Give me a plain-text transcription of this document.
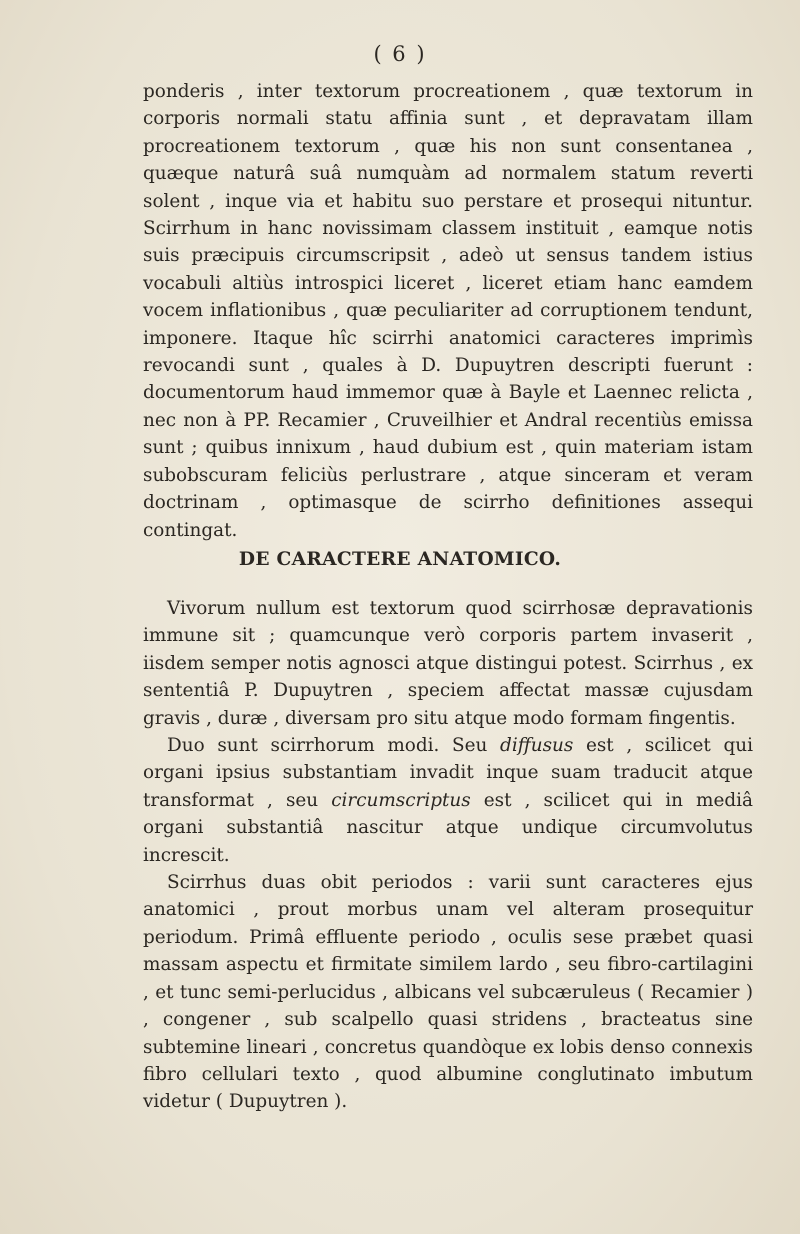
( 6 )

ponderis , inter textorum procreationem , quæ textorum in corporis normali statu affinia sunt , et depravatam illam procreationem textorum , quæ his non sunt consentanea , quæque naturâ suâ numquàm ad normalem statum reverti solent , inque via et habitu suo perstare et prosequi nituntur. Scirrhum in hanc novissimam classem instituit , eamque notis suis præcipuis circumscripsit , adeò ut sensus tandem istius vocabuli altiùs introspici liceret , liceret etiam hanc eamdem vocem inflationibus , quæ peculiariter ad corruptionem tendunt, imponere. Itaque hîc scirrhi anatomici caracteres imprimìs revocandi sunt , quales à D. Dupuytren descripti fuerunt : documentorum haud immemor quæ à Bayle et Laennec relicta , nec non à PP. Recamier , Cruveilhier et Andral recentiùs emissa sunt ; quibus innixum , haud dubium est , quin materiam istam subobscuram feliciùs perlustrare , atque sinceram et veram doctrinam , optimasque de scirrho definitiones assequi contingat.

DE CARACTERE ANATOMICO.

Vivorum nullum est textorum quod scirrhosæ depravationis immune sit ; quamcunque verò corporis partem invaserit , iisdem semper notis agnosci atque distingui potest. Scirrhus , ex sententiâ P. Dupuytren , speciem affectat massæ cujusdam gravis , duræ , diversam pro situ atque modo formam fingentis.

Duo sunt scirrhorum modi. Seu diffusus est , scilicet qui organi ipsius substantiam invadit inque suam traducit atque transformat , seu circumscriptus est , scilicet qui in mediâ organi substantiâ nascitur atque undique circumvolutus increscit.

Scirrhus duas obit periodos : varii sunt caracteres ejus anatomici , prout morbus unam vel alteram prosequitur periodum. Primâ effluente periodo , oculis sese præbet quasi massam aspectu et firmitate similem lardo , seu fibro-cartilagini , et tunc semi-perlucidus , albicans vel subcæruleus ( Recamier ) , congener , sub scalpello quasi stridens , bracteatus sine subtemine lineari , concretus quandòque ex lobis denso connexis fibro cellulari texto , quod albumine conglutinato imbutum videtur ( Dupuytren ).
